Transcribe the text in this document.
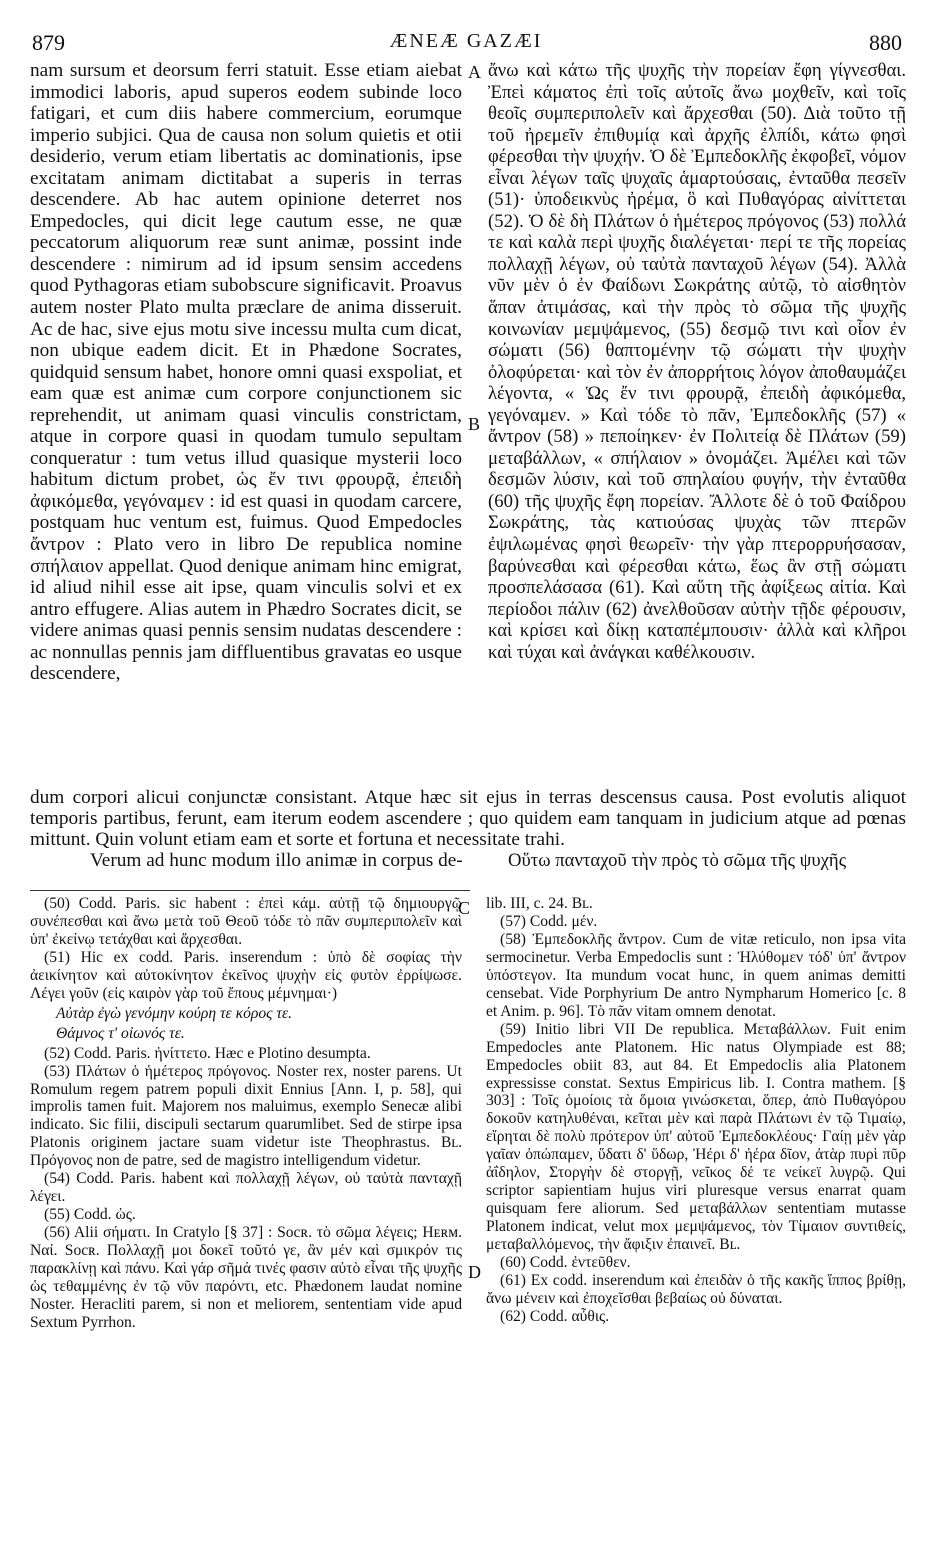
879	ÆNEÆ GAZÆI	880

nam sursum et deorsum ferri statuit. Esse etiam aiebat immodici laboris, apud superos eodem subinde loco fatigari, et cum diis habere commercium, eorumque imperio subjici. Qua de causa non solum quietis et otii desiderio, verum etiam libertatis ac dominationis, ipse excitatam animam dictitabat a superis in terras descendere. Ab hac autem opinione deterret nos Empedocles, qui dicit lege cautum esse, ne quæ peccatorum aliquorum reæ sunt animæ, possint inde descendere : nimirum ad id ipsum sensim accedens quod Pythagoras etiam subobscure significavit. Proavus autem noster Plato multa præclare de anima disseruit. Ac de hac, sive ejus motu sive incessu multa cum dicat, non ubique eadem dicit. Et in Phædone Socrates, quidquid sensum habet, honore omni quasi exspoliat, et eam quæ est animæ cum corpore conjunctionem sic reprehendit, ut animam quasi vinculis constrictam, atque in corpore quasi in quodam tumulo sepultam conqueratur : tum vetus illud quasique mysterii loco habitum dictum probet, ὡς ἔν τινι φρουρᾷ, ἐπειδὴ ἀφικόμεθα, γεγόναμεν : id est quasi in quodam carcere, postquam huc ventum est, fuimus. Quod Empedocles ἄντρον : Plato vero in libro De republica nomine σπήλαιον appellat. Quod denique animam hinc emigrat, id aliud nihil esse ait ipse, quam vinculis solvi et ex antro effugere. Alias autem in Phædro Socrates dicit, se videre animas quasi pennis sensim nudatas descendere : ac nonnullas pennis jam diffluentibus gravatas eo usque descendere,

ἄνω καὶ κάτω τῆς ψυχῆς τὴν πορείαν ἔφη γίγνεσθαι. Ἐπεὶ κάματος ἐπὶ τοῖς αὐτοῖς ἄνω μοχθεῖν, καὶ τοῖς θεοῖς συμπεριπολεῖν καὶ ἄρχεσθαι (50). Διὰ τοῦτο τῇ τοῦ ἠρεμεῖν ἐπιθυμίᾳ καὶ ἀρχῆς ἐλπίδι, κάτω φησὶ φέρεσθαι τὴν ψυχήν. Ὁ δὲ Ἐμπεδοκλῆς ἐκφοβεῖ, νόμον εἶναι λέγων ταῖς ψυχαῖς ἁμαρτούσαις, ἐνταῦθα πεσεῖν (51)· ὑποδεικνὺς ἠρέμα, ὃ καὶ Πυθαγόρας αἰνίττεται (52). Ὁ δὲ δὴ Πλάτων ὁ ἡμέτερος πρόγονος (53) πολλά τε καὶ καλὰ περὶ ψυχῆς διαλέγεται· περί τε τῆς πορείας πολλαχῇ λέγων, οὐ ταὐτὰ πανταχοῦ λέγων (54). Ἀλλὰ νῦν μὲν ὁ ἐν Φαίδωνι Σωκράτης αὐτῷ, τὸ αἰσθητὸν ἅπαν ἀτιμάσας, καὶ τὴν πρὸς τὸ σῶμα τῆς ψυχῆς κοινωνίαν μεμψάμενος, (55) δεσμῷ τινι καὶ οἷον ἐν σώματι (56) θαπτομένην τῷ σώματι τὴν ψυχὴν ὀλοφύρεται· καὶ τὸν ἐν ἀπορρήτοις λόγον ἀποθαυμάζει λέγοντα, « Ὡς ἔν τινι φρουρᾷ, ἐπειδὴ ἀφικόμεθα, γεγόναμεν. » Καὶ τόδε τὸ πᾶν, Ἐμπεδοκλῆς (57) « ἄντρον (58) » πεποίηκεν· ἐν Πολιτείᾳ δὲ Πλάτων (59) μεταβάλλων, « σπήλαιον » ὀνομάζει. Ἀμέλει καὶ τῶν δεσμῶν λύσιν, καὶ τοῦ σπηλαίου φυγήν, τὴν ἐνταῦθα (60) τῆς ψυχῆς ἔφη πορείαν. Ἄλλοτε δὲ ὁ τοῦ Φαίδρου Σωκράτης, τὰς κατιούσας ψυχὰς τῶν πτερῶν ἐψιλωμένας φησὶ θεωρεῖν· τὴν γὰρ πτερορρυήσασαν, βαρύνεσθαι καὶ φέρεσθαι κάτω, ἕως ἂν στῇ σώματι προσπελάσασα (61). Καὶ αὕτη τῆς ἀφίξεως αἰτία. Καὶ περίοδοι πάλιν (62) ἀνελθοῦσαν αὐτὴν τῇδε φέρουσιν, καὶ κρίσει καὶ δίκῃ καταπέμπουσιν· ἀλλὰ καὶ κλῆροι καὶ τύχαι καὶ ἀνάγκαι καθέλκουσιν.

A
B
C
D

dum corpori alicui conjunctæ consistant. Atque hæc sit ejus in terras descensus causa. Post evolutis aliquot temporis partibus, ferunt, eam iterum eodem ascendere ; quo quidem eam tanquam in judicium atque ad pœnas mittunt. Quin volunt etiam eam et sorte et fortuna et necessitate trahi.

Verum ad hunc modum illo animæ in corpus de-	Οὕτω πανταχοῦ τὴν πρὸς τὸ σῶμα τῆς ψυχῆς

(50) Codd. Paris. sic habent : ἐπεὶ κάμ. αὐτῇ τῷ δημιουργῷ συνέπεσθαι καὶ ἄνω μετὰ τοῦ Θεοῦ τόδε τὸ πᾶν συμπεριπολεῖν καὶ ὑπ' ἐκείνῳ τετάχθαι καὶ ἄρχεσθαι.

(51) Hic ex codd. Paris. inserendum : ὑπὸ δὲ σοφίας τὴν ἀεικίνητον καὶ αὐτοκίνητον ἐκεῖνος ψυχὴν εἰς φυτὸν ἐρρίψωσε. Λέγει γοῦν (εἰς καιρὸν γὰρ τοῦ ἔπους μέμνημαι·)

Αὐτὰρ ἐγὼ γενόμην κούρη τε κόρος τε.

Θάμνος τ' οἰωνός τε.

(52) Codd. Paris. ἠνίττετο. Hæc e Plotino desumpta.

(53) Πλάτων ὁ ἡμέτερος πρόγονος. Noster rex, noster parens. Ut Romulum regem patrem populi dixit Ennius [Ann. I, p. 58], qui improlis tamen fuit. Majorem nos maluimus, exemplo Senecæ alibi indicato. Sic filii, discipuli sectarum quarumlibet. Sed de stirpe ipsa Platonis originem jactare suam videtur iste Theophrastus. Bʟ. Πρόγονος non de patre, sed de magistro intelligendum videtur.

(54) Codd. Paris. habent καὶ πολλαχῇ λέγων, οὐ ταὐτὰ πανταχῇ λέγει.

(55) Codd. ὡς.

(56) Alii σήματι. In Cratylo [§ 37] : Socʀ. τὸ σῶμα λέγεις; Hᴇʀᴍ. Ναί. Socʀ. Πολλαχῇ μοι δοκεῖ τοῦτό γε, ἂν μέν καὶ σμικρόν τις παρακλίνῃ καὶ πάνυ. Καὶ γάρ σῆμά τινές φασιν αὐτὸ εἶναι τῆς ψυχῆς ὡς τεθαμμένης ἐν τῷ νῦν παρόντι, etc. Phædonem laudat nomine Noster. Heracliti parem, si non et meliorem, sententiam vide apud Sextum Pyrrhon.

lib. III, c. 24. Bʟ.

(57) Codd. μέν.

(58) Ἐμπεδοκλῆς ἄντρον. Cum de vitæ reticulo, non ipsa vita sermocinetur. Verba Empedoclis sunt : Ἠλύθομεν τόδ' ὑπ' ἄντρον ὑπόστεγον. Ita mundum vocat hunc, in quem animas demitti censebat. Vide Porphyrium De antro Nympharum Homerico [c. 8 et Anim. p. 96]. Τὸ πᾶν vitam omnem denotat.

(59) Initio libri VII De republica. Μεταβάλλων. Fuit enim Empedocles ante Platonem. Hic natus Olympiade est 88; Empedocles obiit 83, aut 84. Et Empedoclis alia Platonem expressisse constat. Sextus Empiricus lib. I. Contra mathem. [§ 303] : Τοῖς ὁμοίοις τὰ ὅμοια γινώσκεται, ὅπερ, ἀπὸ Πυθαγόρου δοκοῦν κατηλυθέναι, κεῖται μὲν καὶ παρὰ Πλάτωνι ἐν τῷ Τιμαίῳ, εἴρηται δὲ πολὺ πρότερον ὑπ' αὐτοῦ Ἐμπεδοκλέους· Γαίῃ μὲν γὰρ γαῖαν ὀπώπαμεν, ὕδατι δ' ὕδωρ, Ἠέρι δ' ἠέρα δῖον, ἀτὰρ πυρὶ πῦρ ἀΐδηλον, Στοργὴν δὲ στοργῇ, νεῖκος δέ τε νείκεϊ λυγρῷ. Qui scriptor sapientiam hujus viri pluresque versus enarrat quam quisquam fere aliorum. Sed μεταβάλλων sententiam mutasse Platonem indicat, velut mox μεμψάμενος, τὸν Τίμαιον συντιθείς, μεταβαλλόμενος, τὴν ἄφιξιν ἐπαινεῖ. Bʟ.

(60) Codd. ἐντεῦθεν.

(61) Ex codd. inserendum καὶ ἐπειδὰν ὁ τῆς κακῆς ἵππος βρίθῃ, ἄνω μένειν καὶ ἐποχεῖσθαι βεβαίως οὐ δύναται.

(62) Codd. αὖθις.
